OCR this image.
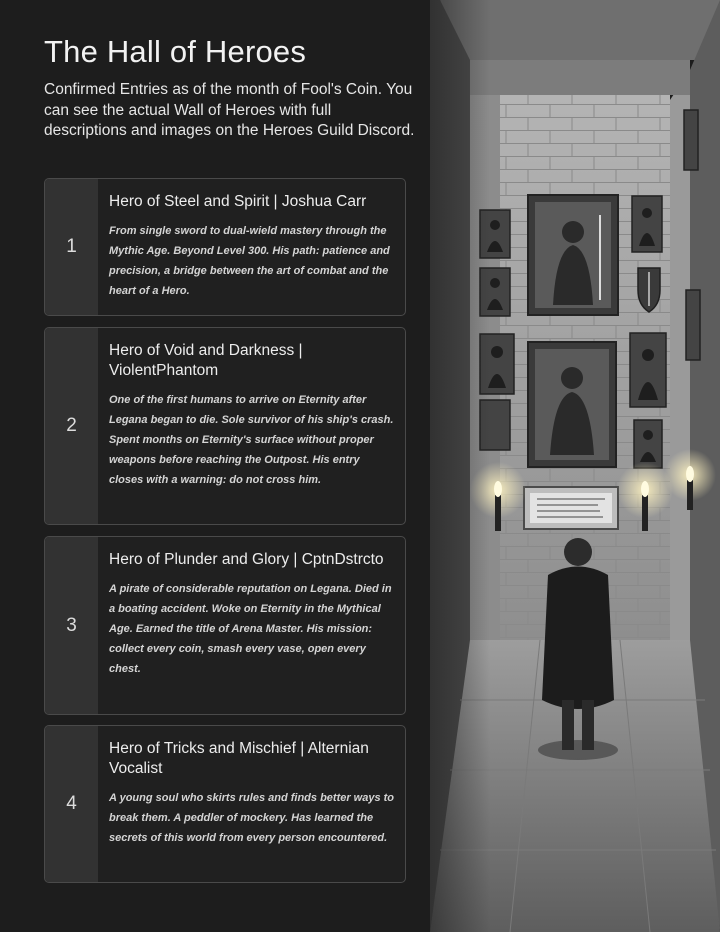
The Hall of Heroes

Confirmed Entries as of the month of Fool's Coin. You can see the actual Wall of Heroes with full descriptions and images on the Heroes Guild Discord.

1
Hero of Steel and Spirit | Joshua Carr
From single sword to dual-wield mastery through the Mythic Age. Beyond Level 300. His path: patience and precision, a bridge between the art of combat and the heart of a Hero.
2
Hero of Void and Darkness | ViolentPhantom
One of the first humans to arrive on Eternity after Legana began to die. Sole survivor of his ship's crash. Spent months on Eternity's surface without proper weapons before reaching the Outpost. His entry closes with a warning: do not cross him.
3
Hero of Plunder and Glory | CptnDstrcto
A pirate of considerable reputation on Legana. Died in a boating accident. Woke on Eternity in the Mythical Age. Earned the title of Arena Master. His mission: collect every coin, smash every vase, open every chest.
4
Hero of Tricks and Mischief | Alternian Vocalist
A young soul who skirts rules and finds better ways to break them. A peddler of mockery. Has learned the secrets of this world from every person encountered.
